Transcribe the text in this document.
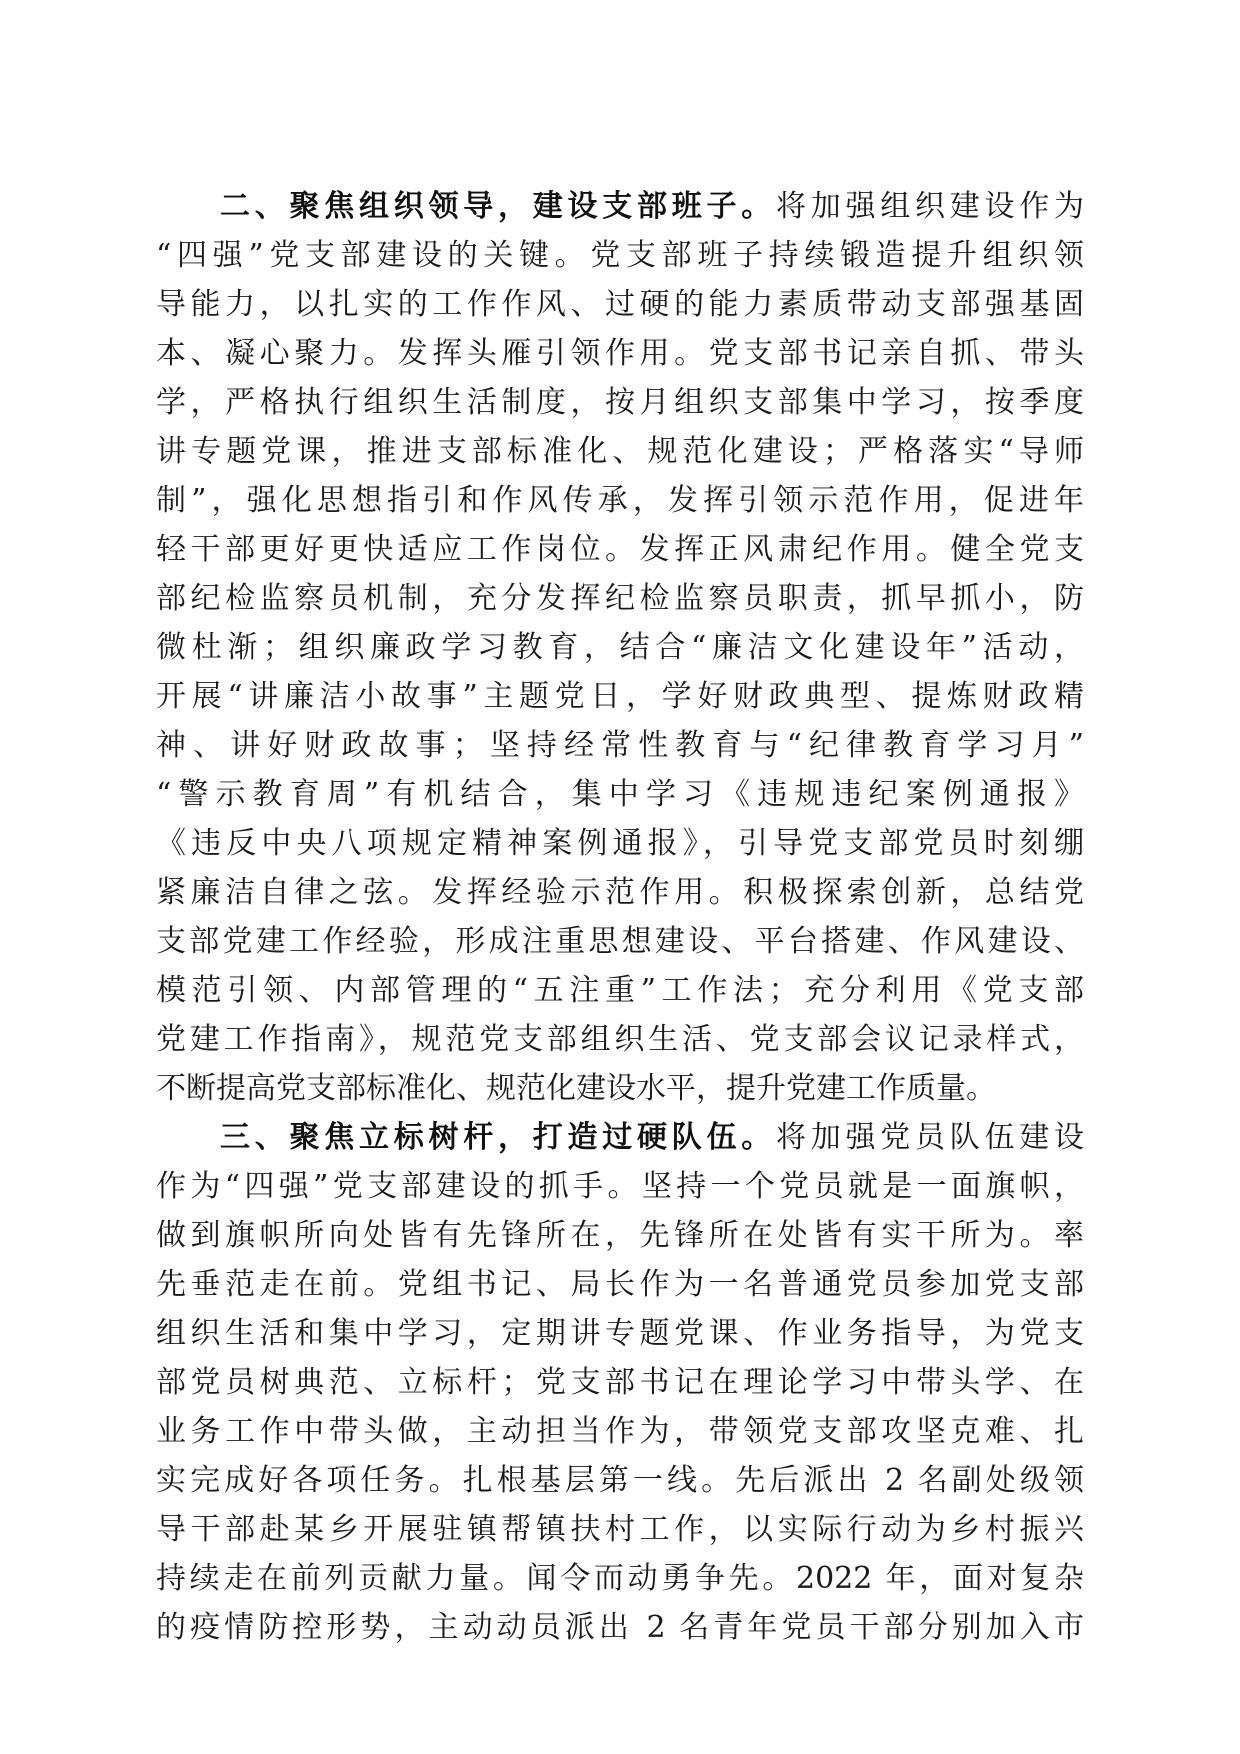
二、聚焦组织领导，建设支部班子。将加强组织建设作为
“四强”党支部建设的关键。党支部班子持续锻造提升组织领
导能力，以扎实的工作作风、过硬的能力素质带动支部强基固
本、凝心聚力。发挥头雁引领作用。党支部书记亲自抓、带头
学，严格执行组织生活制度，按月组织支部集中学习，按季度
讲专题党课，推进支部标准化、规范化建设；严格落实“导师
制”，强化思想指引和作风传承，发挥引领示范作用，促进年
轻干部更好更快适应工作岗位。发挥正风肃纪作用。健全党支
部纪检监察员机制，充分发挥纪检监察员职责，抓早抓小，防
微杜渐；组织廉政学习教育，结合“廉洁文化建设年”活动，
开展“讲廉洁小故事”主题党日，学好财政典型、提炼财政精
神、讲好财政故事；坚持经常性教育与“纪律教育学习月”
“警示教育周”有机结合，集中学习《违规违纪案例通报》
《违反中央八项规定精神案例通报》，引导党支部党员时刻绷
紧廉洁自律之弦。发挥经验示范作用。积极探索创新，总结党
支部党建工作经验，形成注重思想建设、平台搭建、作风建设、
模范引领、内部管理的“五注重”工作法；充分利用《党支部
党建工作指南》，规范党支部组织生活、党支部会议记录样式，
不断提高党支部标准化、规范化建设水平，提升党建工作质量。
三、聚焦立标树杆，打造过硬队伍。将加强党员队伍建设
作为“四强”党支部建设的抓手。坚持一个党员就是一面旗帜，
做到旗帜所向处皆有先锋所在，先锋所在处皆有实干所为。率
先垂范走在前。党组书记、局长作为一名普通党员参加党支部
组织生活和集中学习，定期讲专题党课、作业务指导，为党支
部党员树典范、立标杆；党支部书记在理论学习中带头学、在
业务工作中带头做，主动担当作为，带领党支部攻坚克难、扎
实完成好各项任务。扎根基层第一线。先后派出 2 名副处级领
导干部赴某乡开展驻镇帮镇扶村工作，以实际行动为乡村振兴
持续走在前列贡献力量。闻令而动勇争先。2022 年，面对复杂
的疫情防控形势，主动动员派出 2 名青年党员干部分别加入市
